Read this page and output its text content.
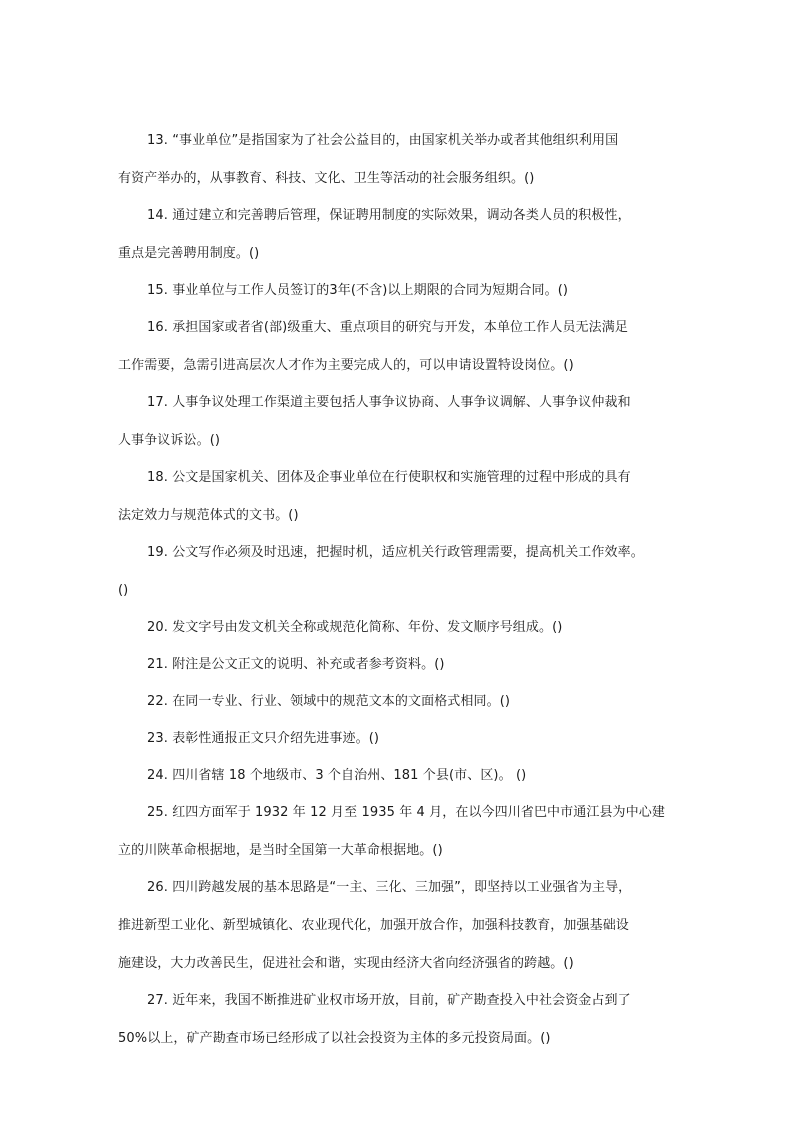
13. “事业单位”是指国家为了社会公益目的，由国家机关举办或者其他组织利用国
有资产举办的，从事教育、科技、文化、卫生等活动的社会服务组织。()

14. 通过建立和完善聘后管理，保证聘用制度的实际效果，调动各类人员的积极性，
重点是完善聘用制度。()

15. 事业单位与工作人员签订的3年(不含)以上期限的合同为短期合同。()

16. 承担国家或者省(部)级重大、重点项目的研究与开发，本单位工作人员无法满足
工作需要，急需引进高层次人才作为主要完成人的，可以申请设置特设岗位。()

17. 人事争议处理工作渠道主要包括人事争议协商、人事争议调解、人事争议仲裁和
人事争议诉讼。()

18. 公文是国家机关、团体及企事业单位在行使职权和实施管理的过程中形成的具有
法定效力与规范体式的文书。()

19. 公文写作必须及时迅速，把握时机，适应机关行政管理需要，提高机关工作效率。
()

20. 发文字号由发文机关全称或规范化简称、年份、发文顺序号组成。()

21. 附注是公文正文的说明、补充或者参考资料。()

22. 在同一专业、行业、领域中的规范文本的文面格式相同。()

23. 表彰性通报正文只介绍先进事迹。()

24. 四川省辖 18 个地级市、3 个自治州、181 个县(市、区)。 ()

25. 红四方面军于 1932 年 12 月至 1935 年 4 月，在以今四川省巴中市通江县为中心建
立的川陕革命根据地，是当时全国第一大革命根据地。()

26. 四川跨越发展的基本思路是“一主、三化、三加强”，即坚持以工业强省为主导，
推进新型工业化、新型城镇化、农业现代化，加强开放合作，加强科技教育，加强基础设
施建设，大力改善民生，促进社会和谐，实现由经济大省向经济强省的跨越。()

27. 近年来，我国不断推进矿业权市场开放，目前，矿产勘查投入中社会资金占到了
50%以上，矿产勘查市场已经形成了以社会投资为主体的多元投资局面。()
